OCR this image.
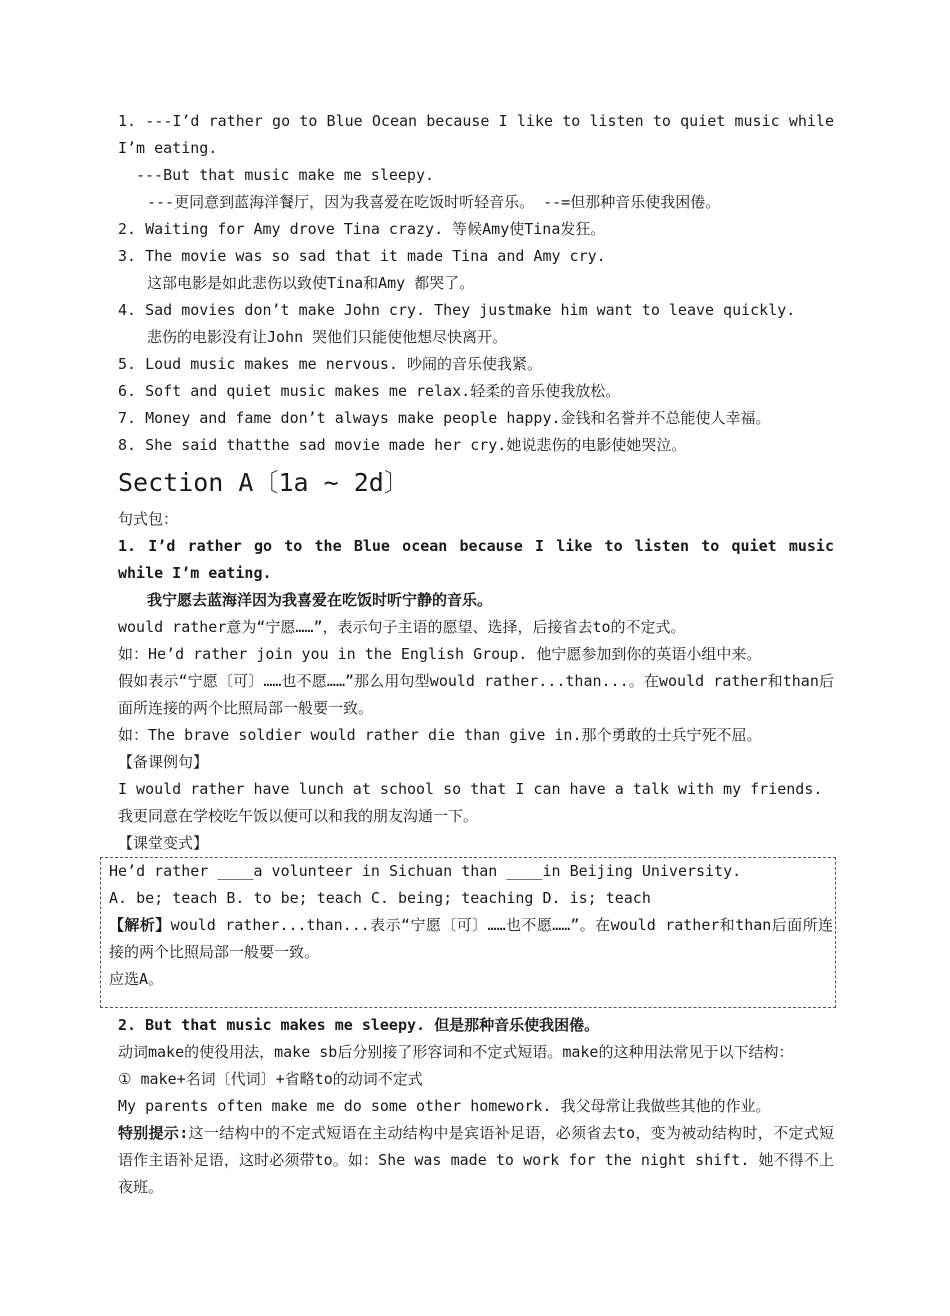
1. ---I’d rather go to Blue Ocean because I like to listen to quiet music while I’m eating.
---But that music make me sleepy.
---更同意到蓝海洋餐厅，因为我喜爱在吃饭时听轻音乐。 --=但那种音乐使我困倦。
2. Waiting for Amy drove Tina crazy. 等候Amy使Tina发狂。
3. The movie was so sad that it made Tina and Amy cry.
这部电影是如此悲伤以致使Tina和Amy 都哭了。
4. Sad movies don’t make John cry. They justmake him want to leave quickly.
悲伤的电影没有让John 哭他们只能使他想尽快离开。
5. Loud music makes me nervous. 吵闹的音乐使我紧。
6. Soft and quiet music makes me relax.轻柔的音乐使我放松。
7. Money and fame don’t always make people happy.金钱和名誉并不总能使人幸福。
8. She said thatthe sad movie made her cry.她说悲伤的电影使她哭泣。
Section A〔1a ~ 2d〕
句式包：
1. I’d rather go to the Blue ocean because I like to listen to quiet music while I’m eating.
我宁愿去蓝海洋因为我喜爱在吃饭时听宁静的音乐。
would rather意为“宁愿……”，表示句子主语的愿望、选择，后接省去to的不定式。
如：He’d rather join you in the English Group. 他宁愿参加到你的英语小组中来。
假如表示“宁愿〔可〕……也不愿……”那么用句型would rather...than...。在would rather和than后面所连接的两个比照局部一般要一致。
如：The brave soldier would rather die than give in.那个勇敢的士兵宁死不屈。
【备课例句】
I would rather have lunch at school so that I can have a talk with my friends.
我更同意在学校吃午饭以便可以和我的朋友沟通一下。
【课堂变式】
He’d rather ____a volunteer in Sichuan than ____in Beijing University.
A. be; teach B. to be; teach C. being; teaching D. is; teach
【解析】would rather...than...表示“宁愿〔可〕……也不愿……”。在would rather和than后面所连接的两个比照局部一般要一致。
应选A。
2. But that music makes me sleepy. 但是那种音乐使我困倦。
动词make的使役用法，make sb后分别接了形容词和不定式短语。make的这种用法常见于以下结构：
① make+名词〔代词〕+省略to的动词不定式
My parents often make me do some other homework. 我父母常让我做些其他的作业。
特别提示:这一结构中的不定式短语在主动结构中是宾语补足语，必须省去to，变为被动结构时，不定式短语作主语补足语，这时必须带to。如：She was made to work for the night shift. 她不得不上夜班。
